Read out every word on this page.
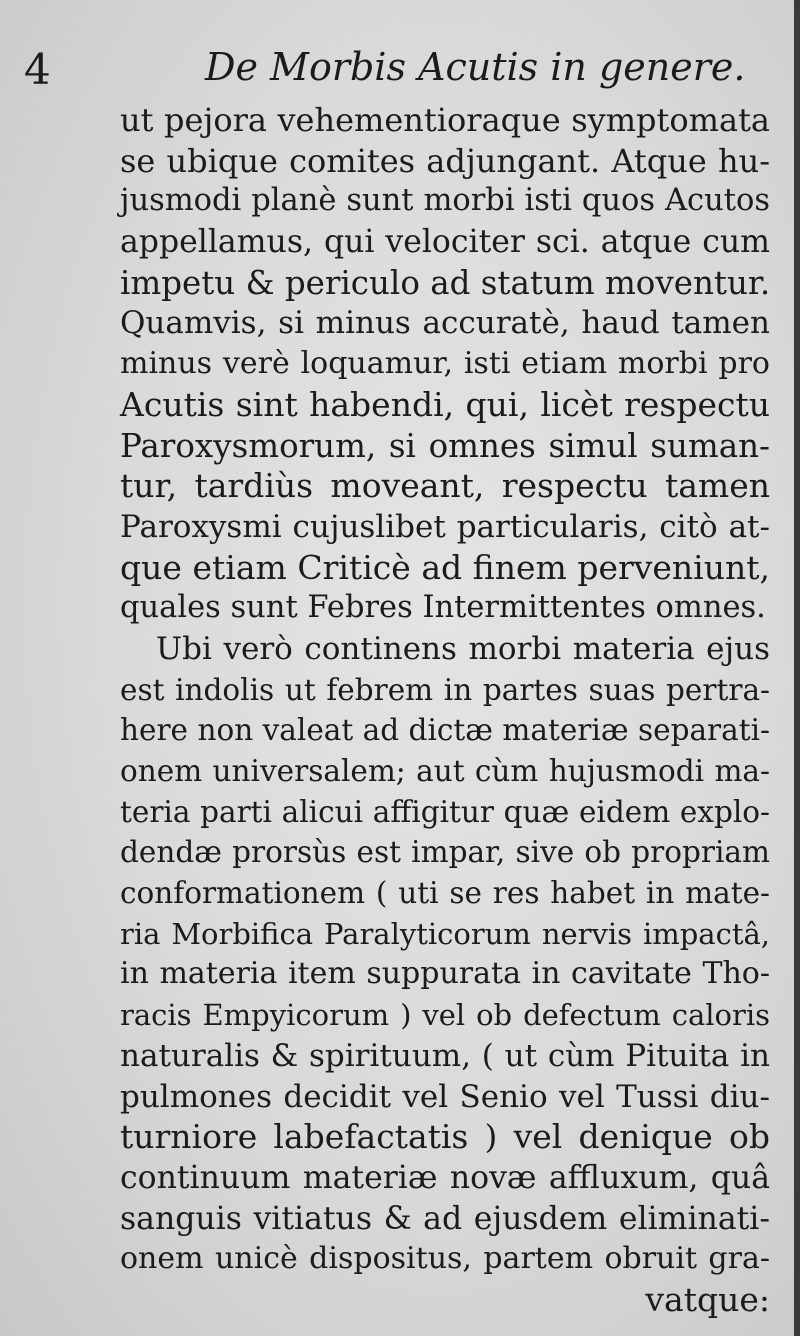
4	De Morbis Acutis in genere.
ut pejora vehementioraque symptomata
se ubique comites adjungant. Atque hu-
jusmodi planè sunt morbi isti quos Acutos
appellamus, qui velociter sci. atque cum
impetu & periculo ad statum moventur.
Quamvis, si minus accuratè, haud tamen
minus verè loquamur, isti etiam morbi pro
Acutis sint habendi, qui, licèt respectu
Paroxysmorum, si omnes simul suman-
tur, tardiùs moveant, respectu tamen
Paroxysmi cujuslibet particularis, citò at-
que etiam Criticè ad finem perveniunt,
quales sunt Febres Intermittentes omnes.
Ubi verò continens morbi materia ejus
est indolis ut febrem in partes suas pertra-
here non valeat ad dictæ materiæ separati-
onem universalem; aut cùm hujusmodi ma-
teria parti alicui affigitur quæ eidem explo-
dendæ prorsùs est impar, sive ob propriam
conformationem ( uti se res habet in mate-
ria Morbifica Paralyticorum nervis impactâ,
in materia item suppurata in cavitate Tho-
racis Empyicorum ) vel ob defectum caloris
naturalis & spirituum, ( ut cùm Pituita in
pulmones decidit vel Senio vel Tussi diu-
turniore labefactatis ) vel denique ob
continuum materiæ novæ affluxum, quâ
sanguis vitiatus & ad ejusdem eliminati-
onem unicè dispositus, partem obruit gra-
vatque:
